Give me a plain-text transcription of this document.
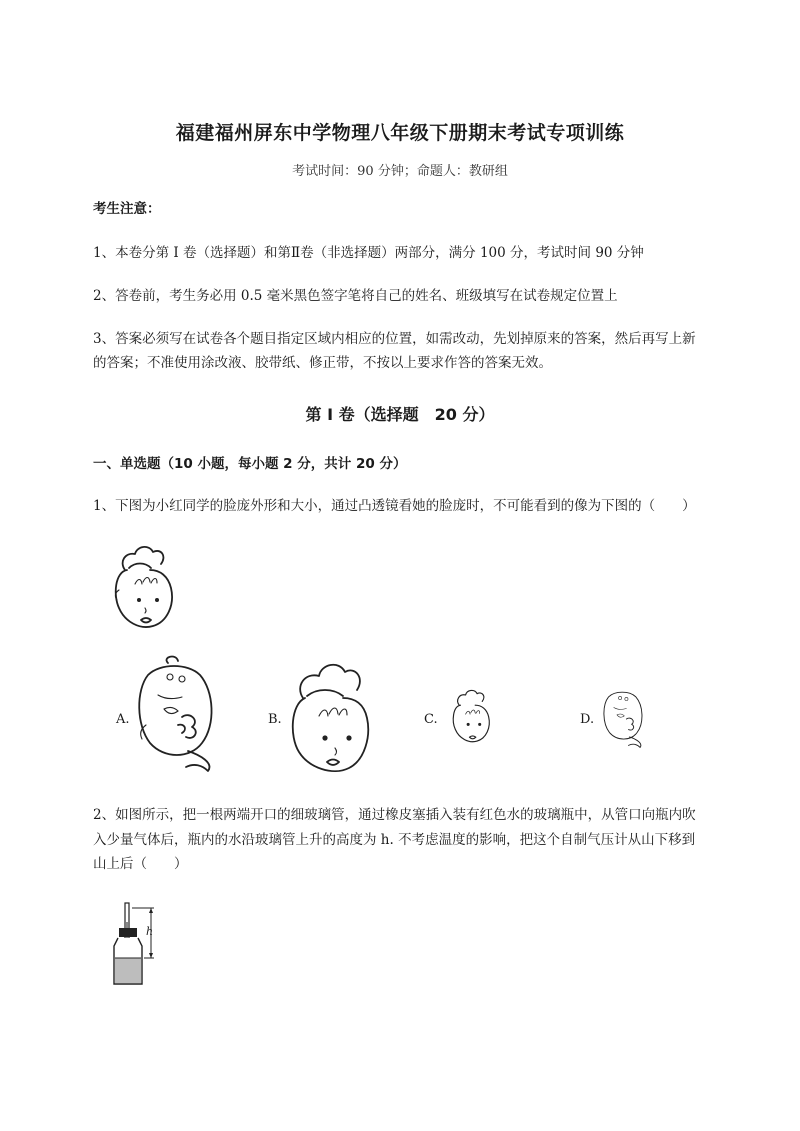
福建福州屏东中学物理八年级下册期末考试专项训练
考试时间：90 分钟；命题人：教研组
考生注意：
1、本卷分第 I 卷（选择题）和第Ⅱ卷（非选择题）两部分，满分 100 分，考试时间 90 分钟
2、答卷前，考生务必用 0.5 毫米黑色签字笔将自己的姓名、班级填写在试卷规定位置上
3、答案必须写在试卷各个题目指定区域内相应的位置，如需改动，先划掉原来的答案，然后再写上新
的答案；不准使用涂改液、胶带纸、修正带，不按以上要求作答的答案无效。
第 I 卷（选择题　20 分）
一、单选题（10 小题，每小题 2 分，共计 20 分）
1、下图为小红同学的脸庞外形和大小，通过凸透镜看她的脸庞时，不可能看到的像为下图的（　　）
A.	B.	C.	D.
2、如图所示，把一根两端开口的细玻璃管，通过橡皮塞插入装有红色水的玻璃瓶中，从管口向瓶内吹
入少量气体后，瓶内的水沿玻璃管上升的高度为 h. 不考虑温度的影响，把这个自制气压计从山下移到
山上后（　　）
h
